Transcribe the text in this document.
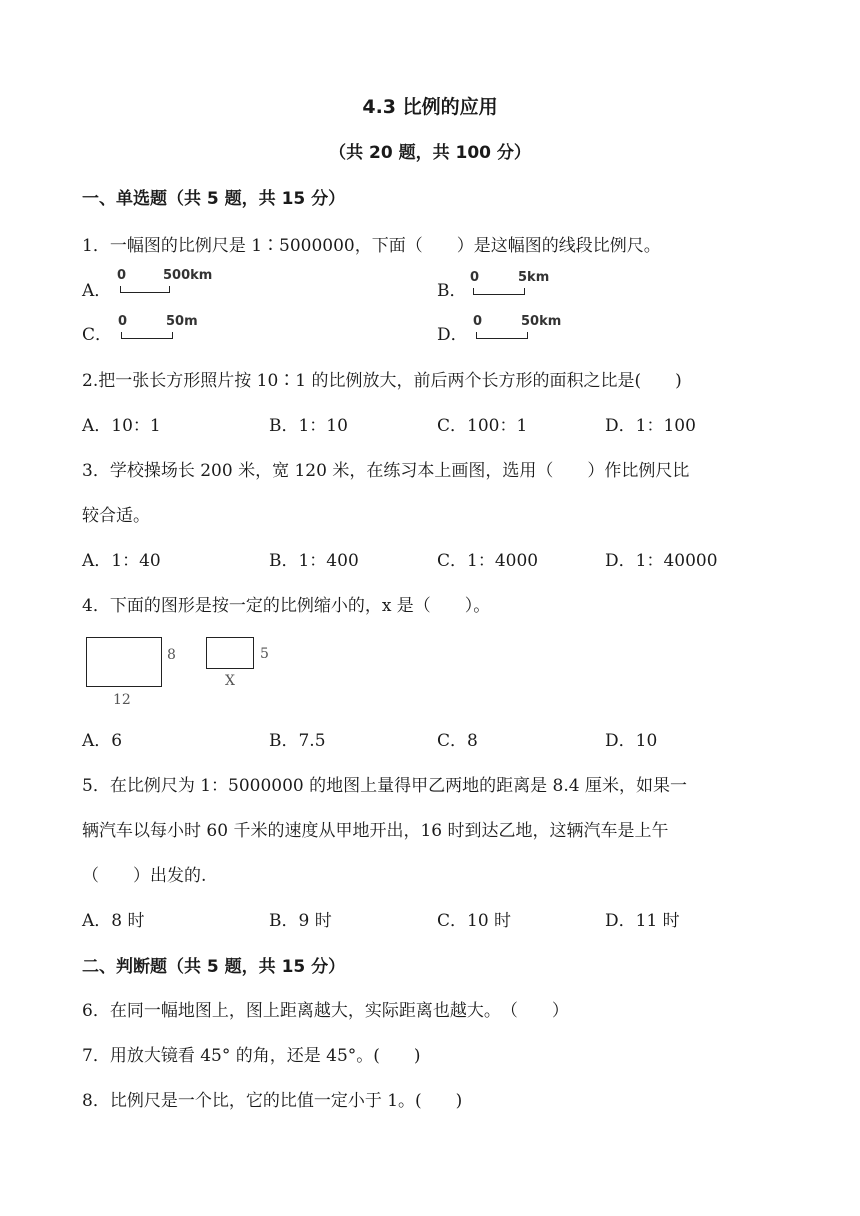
4.3 比例的应用
（共 20 题，共 100 分）
一、单选题（共 5 题，共 15 分）
1．一幅图的比例尺是 1∶5000000，下面（　　）是这幅图的线段比例尺。
A．
0	500km
B．
0	5km
C．
0	50m
D．
0	50km
2.把一张长方形照片按 10∶1 的比例放大，前后两个长方形的面积之比是(　　)
A．10：1	B．1：10	C．100：1	D．1：100
3．学校操场长 200 米，宽 120 米，在练习本上画图，选用（　　）作比例尺比
较合适。
A．1：40	B．1：400	C．1：4000	D．1：40000
4．下面的图形是按一定的比例缩小的，x 是（　　）。
8
12
5
X
A．6	B．7.5	C．8	D．10
5．在比例尺为 1：5000000 的地图上量得甲乙两地的距离是 8.4 厘米，如果一
辆汽车以每小时 60 千米的速度从甲地开出，16 时到达乙地，这辆汽车是上午
（　　）出发的.
A．8 时	B．9 时	C．10 时	D．11 时
二、判断题（共 5 题，共 15 分）
6．在同一幅地图上，图上距离越大，实际距离也越大。　（　　）
7．用放大镜看 45° 的角，还是 45°。(　　)
8．比例尺是一个比，它的比值一定小于 1。(　　)
